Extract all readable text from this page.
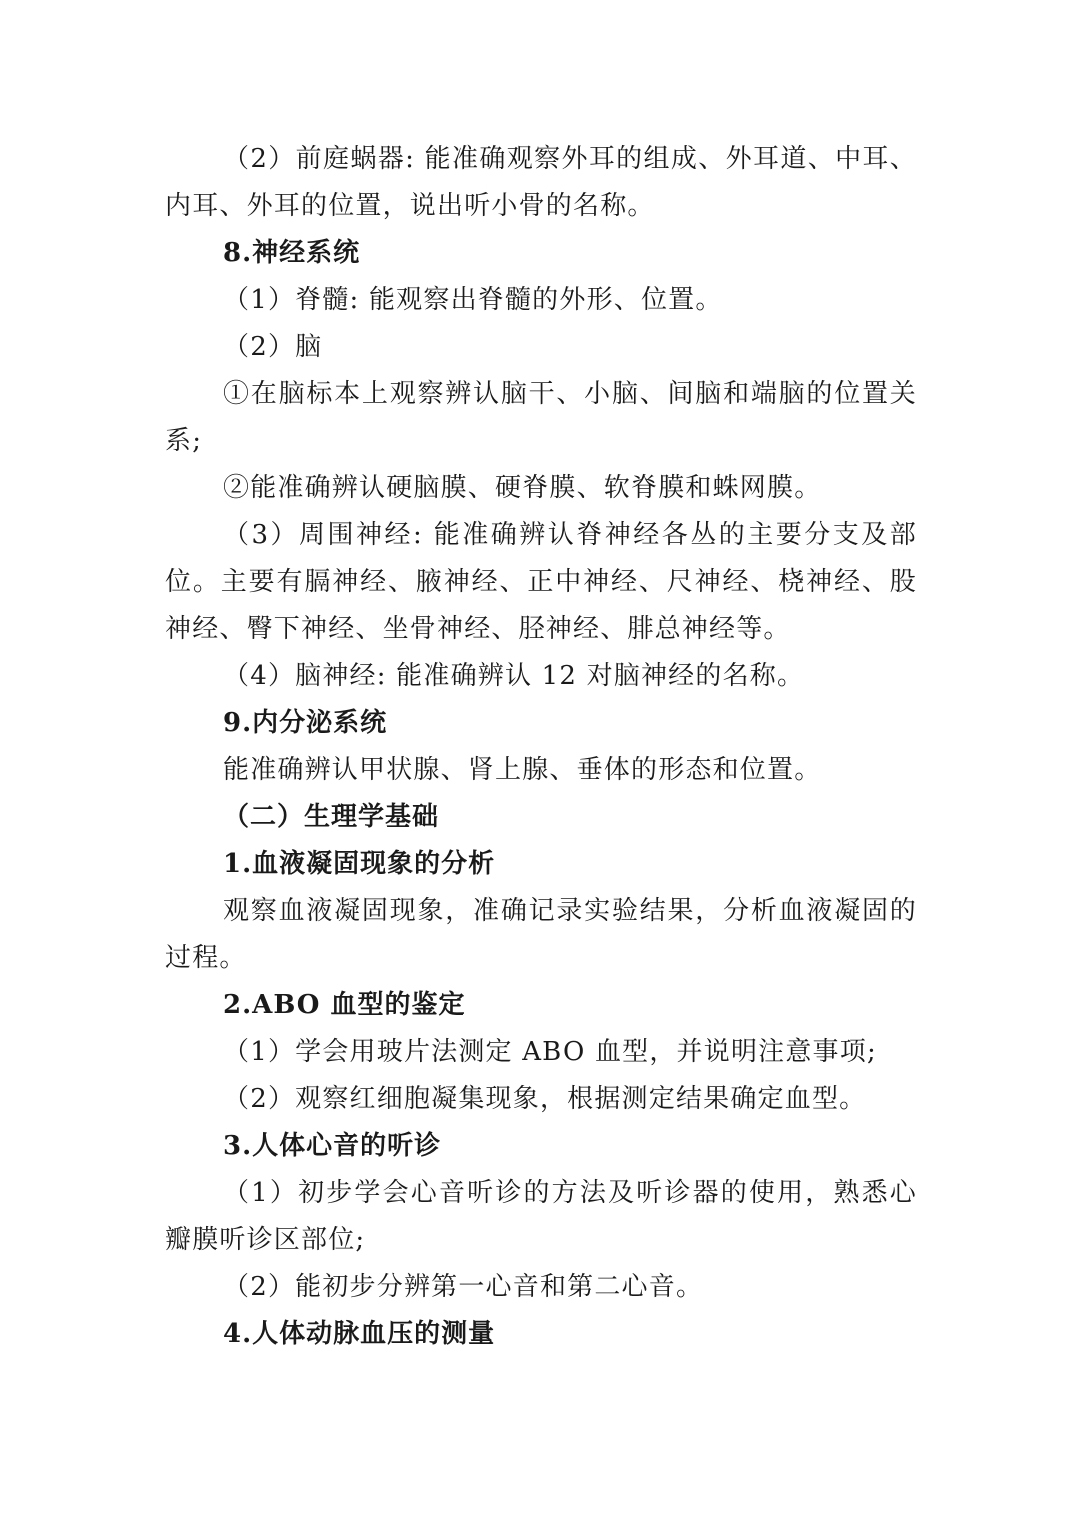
（2）前庭蜗器: 能准确观察外耳的组成、外耳道、中耳、内耳、外耳的位置，说出听小骨的名称。

8.神经系统

（1）脊髓: 能观察出脊髓的外形、位置。

（2）脑

①在脑标本上观察辨认脑干、小脑、间脑和端脑的位置关系;

②能准确辨认硬脑膜、硬脊膜、软脊膜和蛛网膜。

（3）周围神经: 能准确辨认脊神经各丛的主要分支及部位。主要有膈神经、腋神经、正中神经、尺神经、桡神经、股神经、臀下神经、坐骨神经、胫神经、腓总神经等。

（4）脑神经: 能准确辨认 12 对脑神经的名称。

9.内分泌系统

能准确辨认甲状腺、肾上腺、垂体的形态和位置。

（二）生理学基础

1.血液凝固现象的分析

观察血液凝固现象，准确记录实验结果，分析血液凝固的过程。

2.ABO 血型的鉴定

（1）学会用玻片法测定 ABO 血型，并说明注意事项;

（2）观察红细胞凝集现象，根据测定结果确定血型。

3.人体心音的听诊

（1）初步学会心音听诊的方法及听诊器的使用，熟悉心瓣膜听诊区部位;

（2）能初步分辨第一心音和第二心音。

4.人体动脉血压的测量
